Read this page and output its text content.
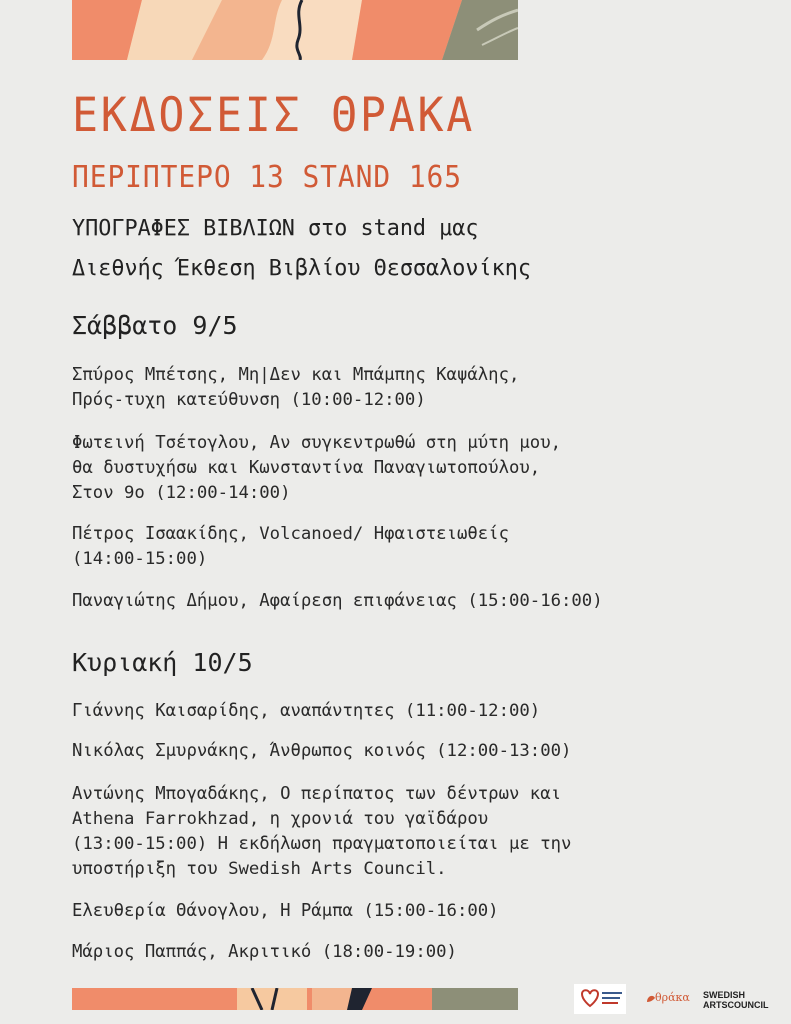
ΕΚΔΟΣΕΙΣ ΘΡΑΚΑ
ΠΕΡΙΠΤΕΡΟ 13 STAND 165
ΥΠΟΓΡΑΦΕΣ ΒΙΒΛΙΩΝ στο stand μας
Διεθνής Έκθεση Βιβλίου Θεσσαλονίκης
Σάββατο 9/5
Σπύρος Μπέτσης, Μη|Δεν και Μπάμπης Καψάλης,
Πρός-τυχη κατεύθυνση (10:00-12:00)
Φωτεινή Τσέτογλου, Αν συγκεντρωθώ στη μύτη μου,
θα δυστυχήσω και Κωνσταντίνα Παναγιωτοπούλου,
Στον 9ο (12:00-14:00)
Πέτρος Ισαακίδης, Volcanoed/ Ηφαιστειωθείς
(14:00-15:00)
Παναγιώτης Δήμου, Αφαίρεση επιφάνειας (15:00-16:00)
Κυριακή 10/5
Γιάννης Καισαρίδης, αναπάντητες (11:00-12:00)
Νικόλας Σμυρνάκης, Άνθρωπος κοινός (12:00-13:00)
Αντώνης Μπογαδάκης, Ο περίπατος των δέντρων και
Athena Farrokhzad, η χρονιά του γαϊδάρου
(13:00-15:00) Η εκδήλωση πραγματοποιείται με την
υποστήριξη του Swedish Arts Council.
Ελευθερία Θάνογλου, Η Ράμπα (15:00-16:00)
Μάριος Παππάς, Ακριτικό (18:00-19:00)
θράκα SWEDISH
ARTSCOUNCIL
